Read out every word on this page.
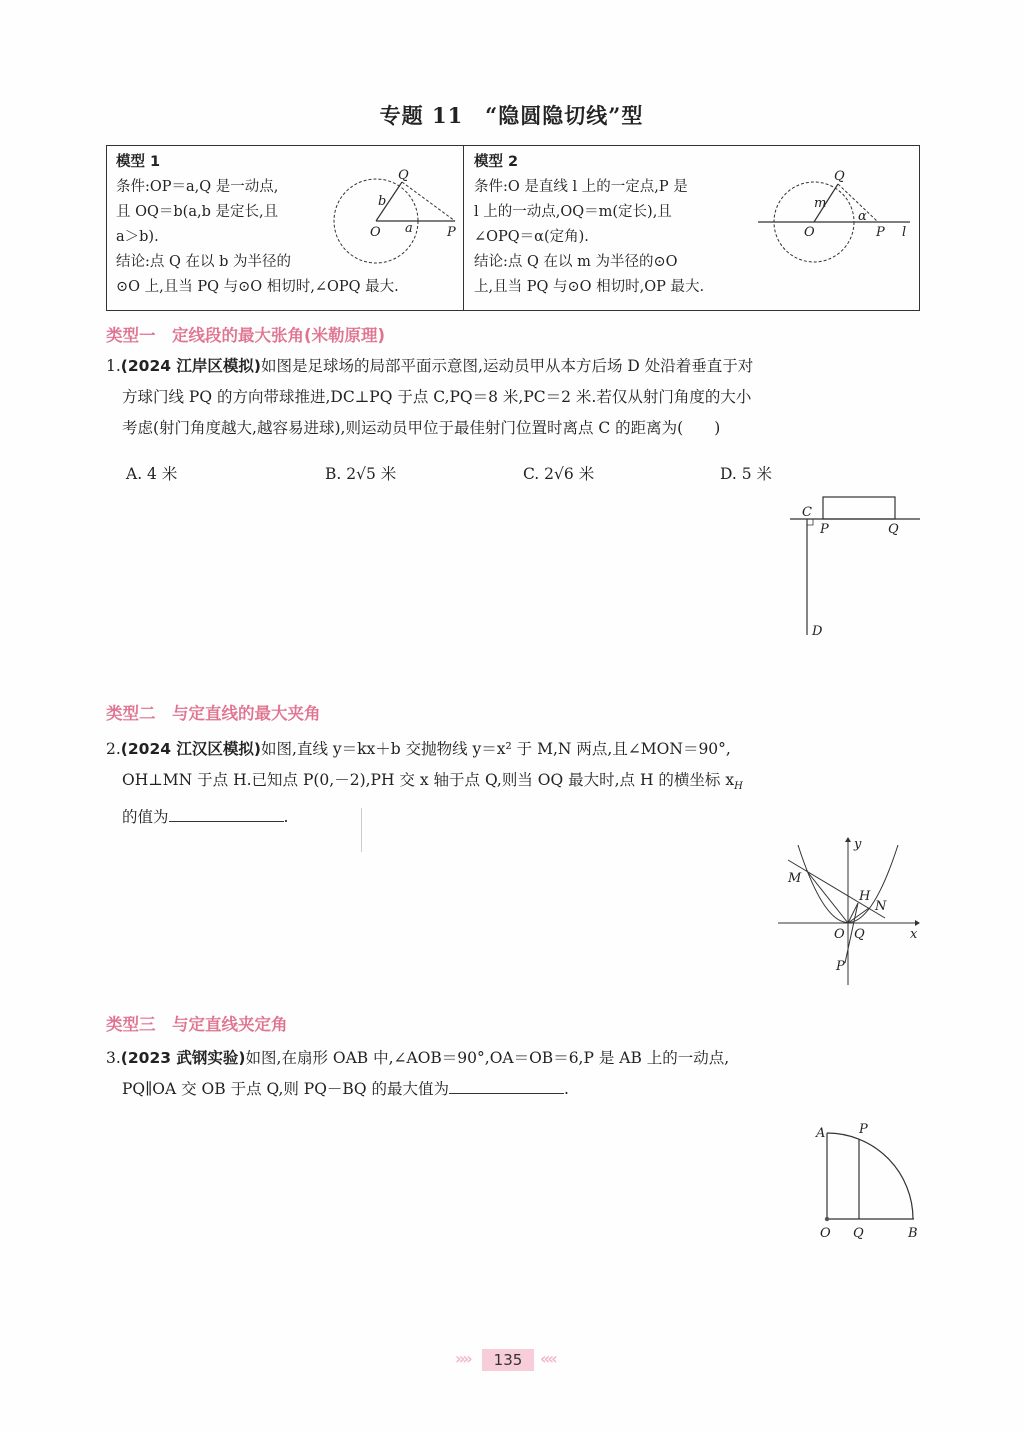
专题 11　“隐圆隐切线”型
模型 1
条件:OP＝a,Q 是一动点,
且 OQ＝b(a,b 是定长,且
a＞b).
结论:点 Q 在以 b 为半径的
⊙O 上,且当 PQ 与⊙O 相切时,∠OPQ 最大.
Q
b
O a	P
模型 2
条件:O 是直线 l 上的一定点,P 是
l 上的一动点,OQ＝m(定长),且
∠OPQ＝α(定角).
结论:点 Q 在以 m 为半径的⊙O
上,且当 PQ 与⊙O 相切时,OP 最大.
Q
m
O
α
P l
类型一　定线段的最大张角(米勒原理)
1.(2024 江岸区模拟)如图是足球场的局部平面示意图,运动员甲从本方后场 D 处沿着垂直于对
方球门线 PQ 的方向带球推进,DC⊥PQ 于点 C,PQ＝8 米,PC＝2 米.若仅从射门角度的大小
考虑(射门角度越大,越容易进球),则运动员甲位于最佳射门位置时离点 C 的距离为(　　)
A. 4 米	B. 2√5 米	C. 2√6 米	D. 5 米
C
P	Q
D
类型二　与定直线的最大夹角
2.(2024 江汉区模拟)如图,直线 y＝kx＋b 交抛物线 y＝x² 于 M,N 两点,且∠MON＝90°,
OH⊥MN 于点 H.已知点 P(0,－2),PH 交 x 轴于点 Q,则当 OQ 最大时,点 H 的横坐标 $x_H$
的值为	.
y
x
M
H
N
O Q
P
类型三　与定直线夹定角
3.(2023 武钢实验)如图,在扇形 OAB 中,∠AOB＝90°,OA＝OB＝6,P 是 AB 上的一动点,
PQ∥OA 交 OB 于点 Q,则 PQ－BQ 的最大值为	.
A	P
O Q	B
»»	135	««
